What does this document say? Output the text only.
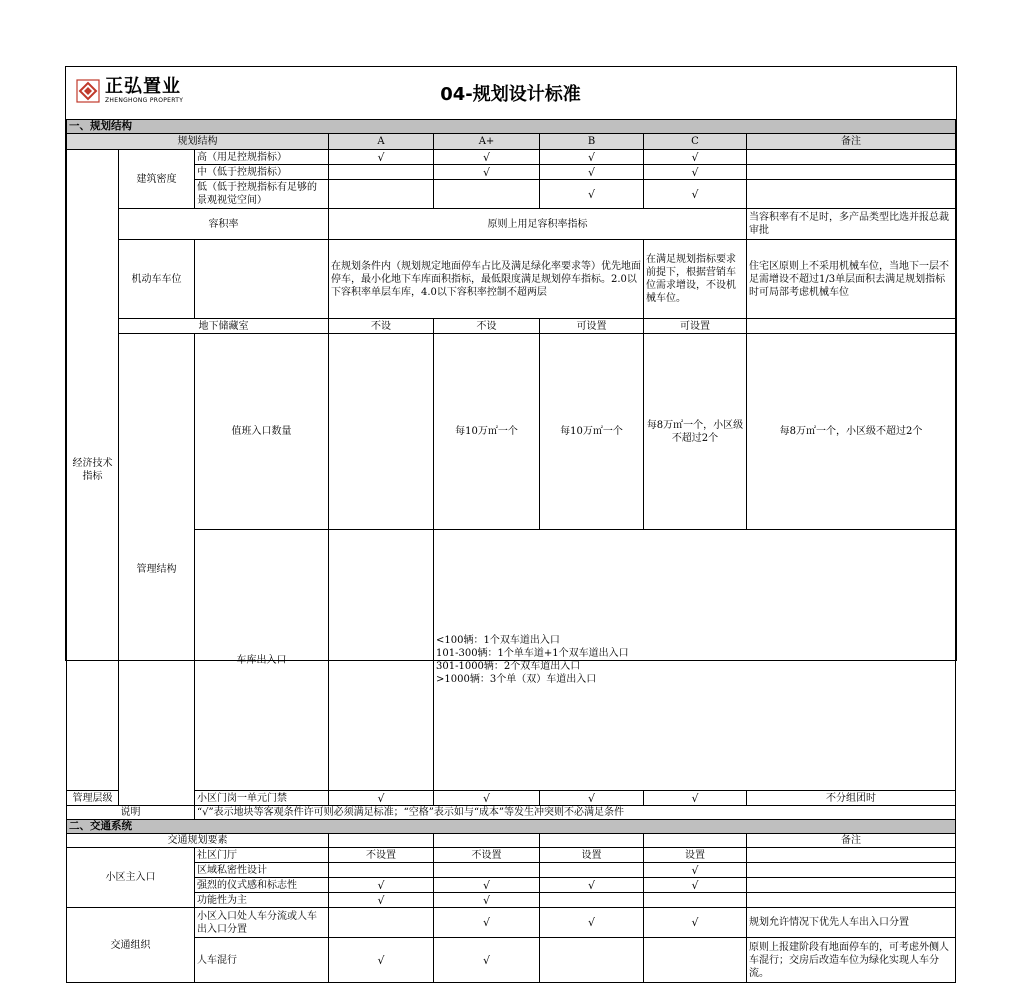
正弘置业
ZHENGHONG PROPERTY	04-规划设计标准
一、规划结构								
规划结构			A	A+	B	C	备注	
经济技术指标	建筑密度	高（用足控规指标）	√	√	√	√		
		中（低于控规指标）		√	√	√		
		低（低于控规指标有足够的景观视觉空间）			√	√		
	容积率		原则上用足容积率指标				当容积率有不足时，多产品类型比选并报总裁审批	
	机动车车位		在规划条件内（规划规定地面停车占比及满足绿化率要求等）优先地面停车，最小化地下车库面积指标，最低限度满足规划停车指标。2.0以下容积率单层车库，4.0以下容积率控制不超两层			在满足规划指标要求前提下，根据营销车位需求增设，不设机械车位。	住宅区原则上不采用机械车位，当地下一层不足需增设不超过1/3单层面积去满足规划指标时可局部考虑机械车位	
	地下储藏室		不设	不设	可设置	可设置		
	管理结构	值班入口数量		每10万㎡一个	每10万㎡一个	每8万㎡一个，小区级不超过2个	每8万㎡一个，小区级不超过2个	
		车库出入口		<100辆：1个双车道出入口
101-300辆：1个单车道+1个双车道出入口
301-1000辆：2个双车道出入口
>1000辆：3个单（双）车道出入口

管理层级		小区门岗一单元门禁	√	√	√	√	不分组团时	
说明		“√”表示地块等客观条件许可则必须满足标准；“空格”表示如与“成本”等发生冲突则不必满足条件						
二、交通系统								
交通规划要素							备注	
小区主入口		社区门厅	不设置	不设置	设置	设置		
		区域私密性设计				√		
		强烈的仪式感和标志性	√	√	√	√		
		功能性为主	√	√				
交通组织		小区入口处人车分流或人车出入口分置		√	√	√	规划允许情况下优先人车出入口分置	
		人车混行	√	√			原则上报建阶段有地面停车的，可考虑外侧人车混行；交房后改造车位为绿化实现人车分流。	
